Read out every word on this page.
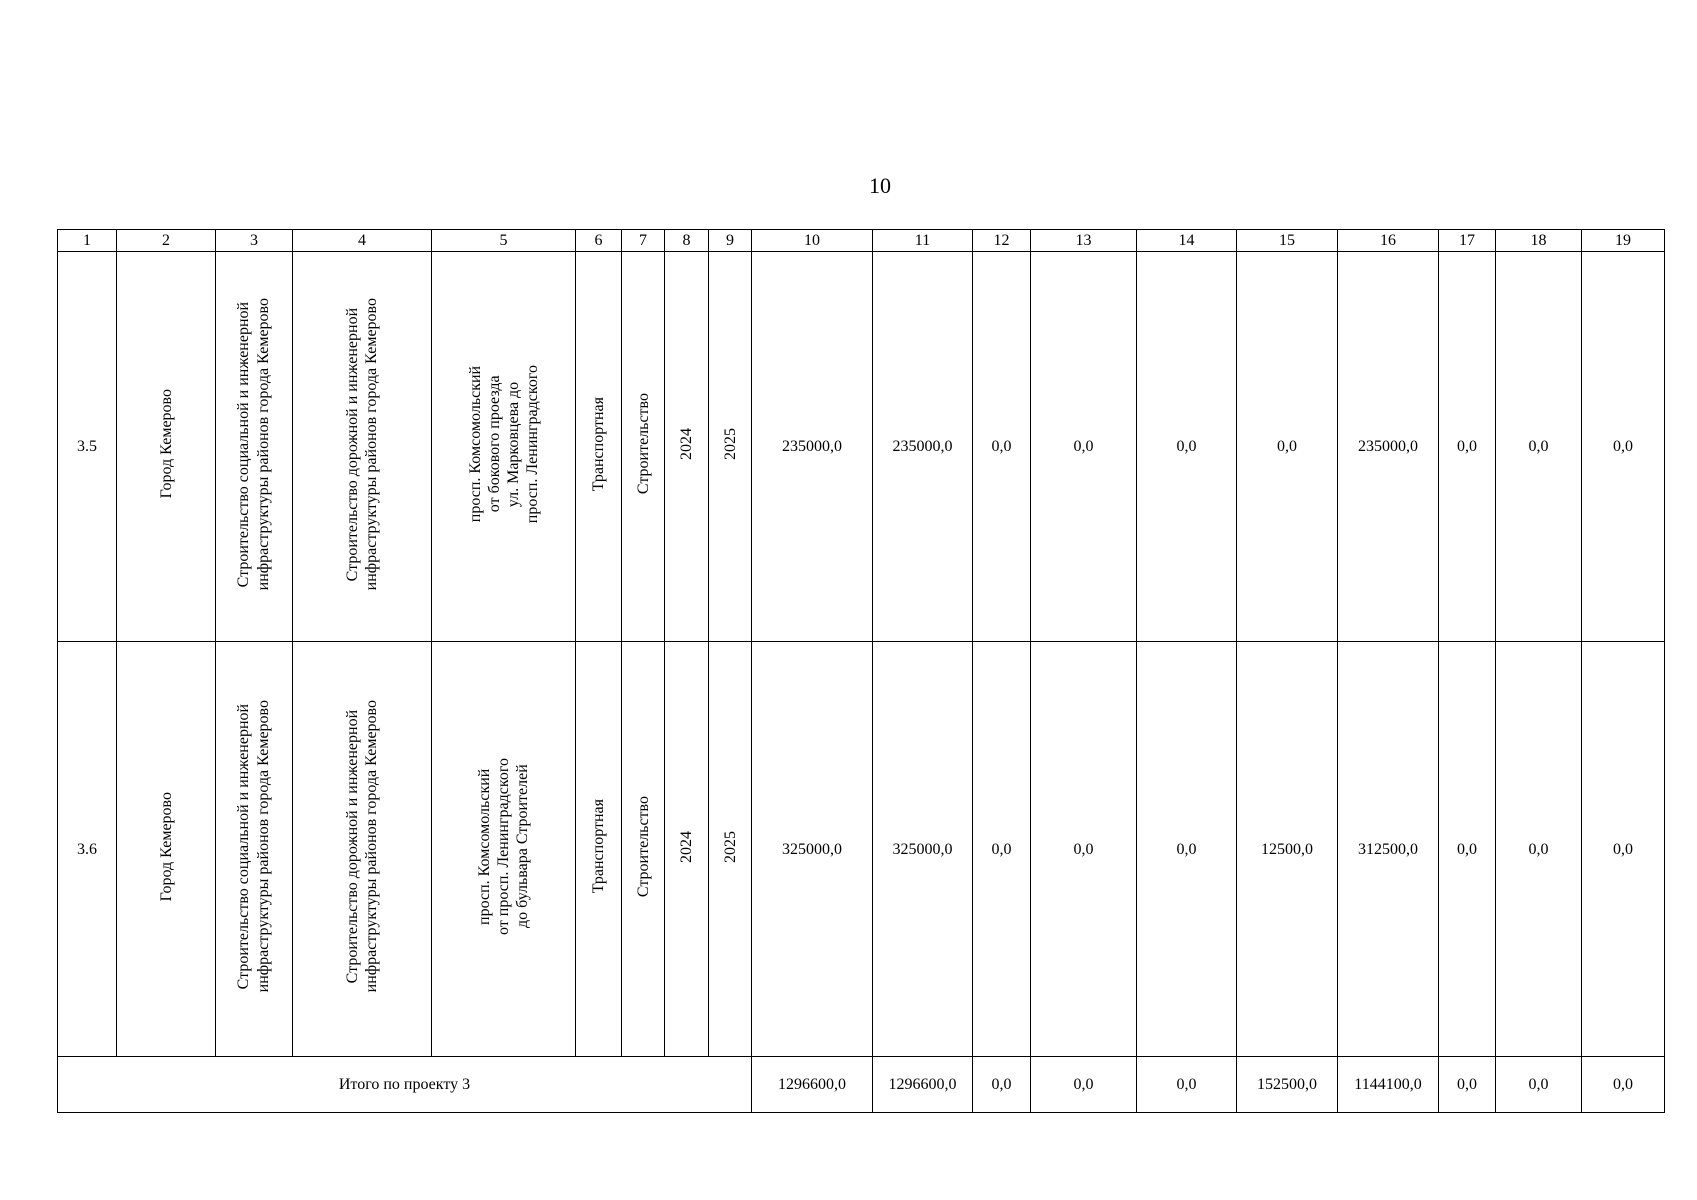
10
1	2	3	4	5	6	7	8	9	10	11	12	13	14	15	16	17	18	19
3.5	Город Кемерово	Строительство социальной и инженерной инфраструктуры районов города Кемерово	Строительство дорожной и инженерной инфраструктуры районов города Кемерово	просп. Комсомольский от бокового проезда ул. Марковцева до просп. Ленинградского	Транспортная	Строительство	2024	2025	235000,0	235000,0	0,0	0,0	0,0	0,0	235000,0	0,0	0,0	0,0
3.6	Город Кемерово	Строительство социальной и инженерной инфраструктуры районов города Кемерово	Строительство дорожной и инженерной инфраструктуры районов города Кемерово	просп. Комсомольский от просп. Ленинградского до бульвара Строителей	Транспортная	Строительство	2024	2025	325000,0	325000,0	0,0	0,0	0,0	12500,0	312500,0	0,0	0,0	0,0
Итого по проекту 3									1296600,0	1296600,0	0,0	0,0	0,0	152500,0	1144100,0	0,0	0,0	0,0
